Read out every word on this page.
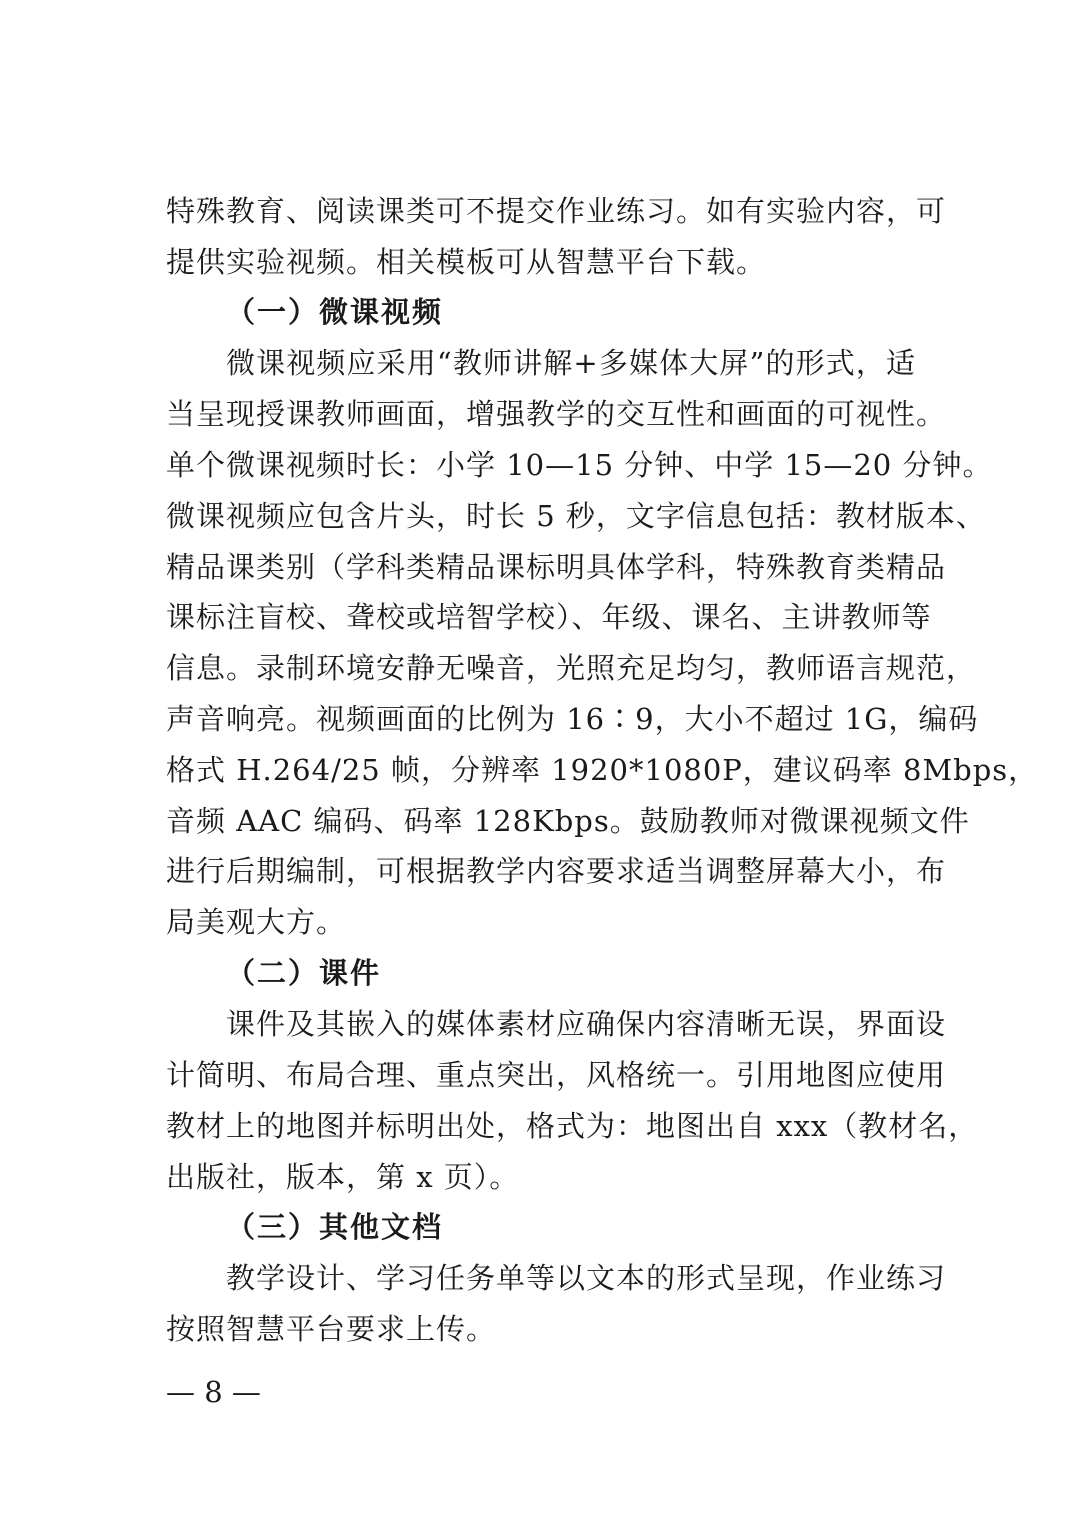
特殊教育、阅读课类可不提交作业练习。如有实验内容，可
提供实验视频。相关模板可从智慧平台下载。
（一）微课视频
微课视频应采用“教师讲解+多媒体大屏”的形式，适
当呈现授课教师画面，增强教学的交互性和画面的可视性。
单个微课视频时长：小学 10—15 分钟、中学 15—20 分钟。
微课视频应包含片头，时长 5 秒，文字信息包括：教材版本、
精品课类别（学科类精品课标明具体学科，特殊教育类精品
课标注盲校、聋校或培智学校）、年级、课名、主讲教师等
信息。录制环境安静无噪音，光照充足均匀，教师语言规范，
声音响亮。视频画面的比例为 16∶9，大小不超过 1G，编码
格式 H.264/25 帧，分辨率 1920*1080P，建议码率 8Mbps，
音频 AAC 编码、码率 128Kbps。鼓励教师对微课视频文件
进行后期编制，可根据教学内容要求适当调整屏幕大小，布
局美观大方。
（二）课件
课件及其嵌入的媒体素材应确保内容清晰无误，界面设
计简明、布局合理、重点突出，风格统一。引用地图应使用
教材上的地图并标明出处，格式为：地图出自 xxx（教材名，
出版社，版本，第 x 页）。
（三）其他文档
教学设计、学习任务单等以文本的形式呈现，作业练习
按照智慧平台要求上传。
— 8 —
